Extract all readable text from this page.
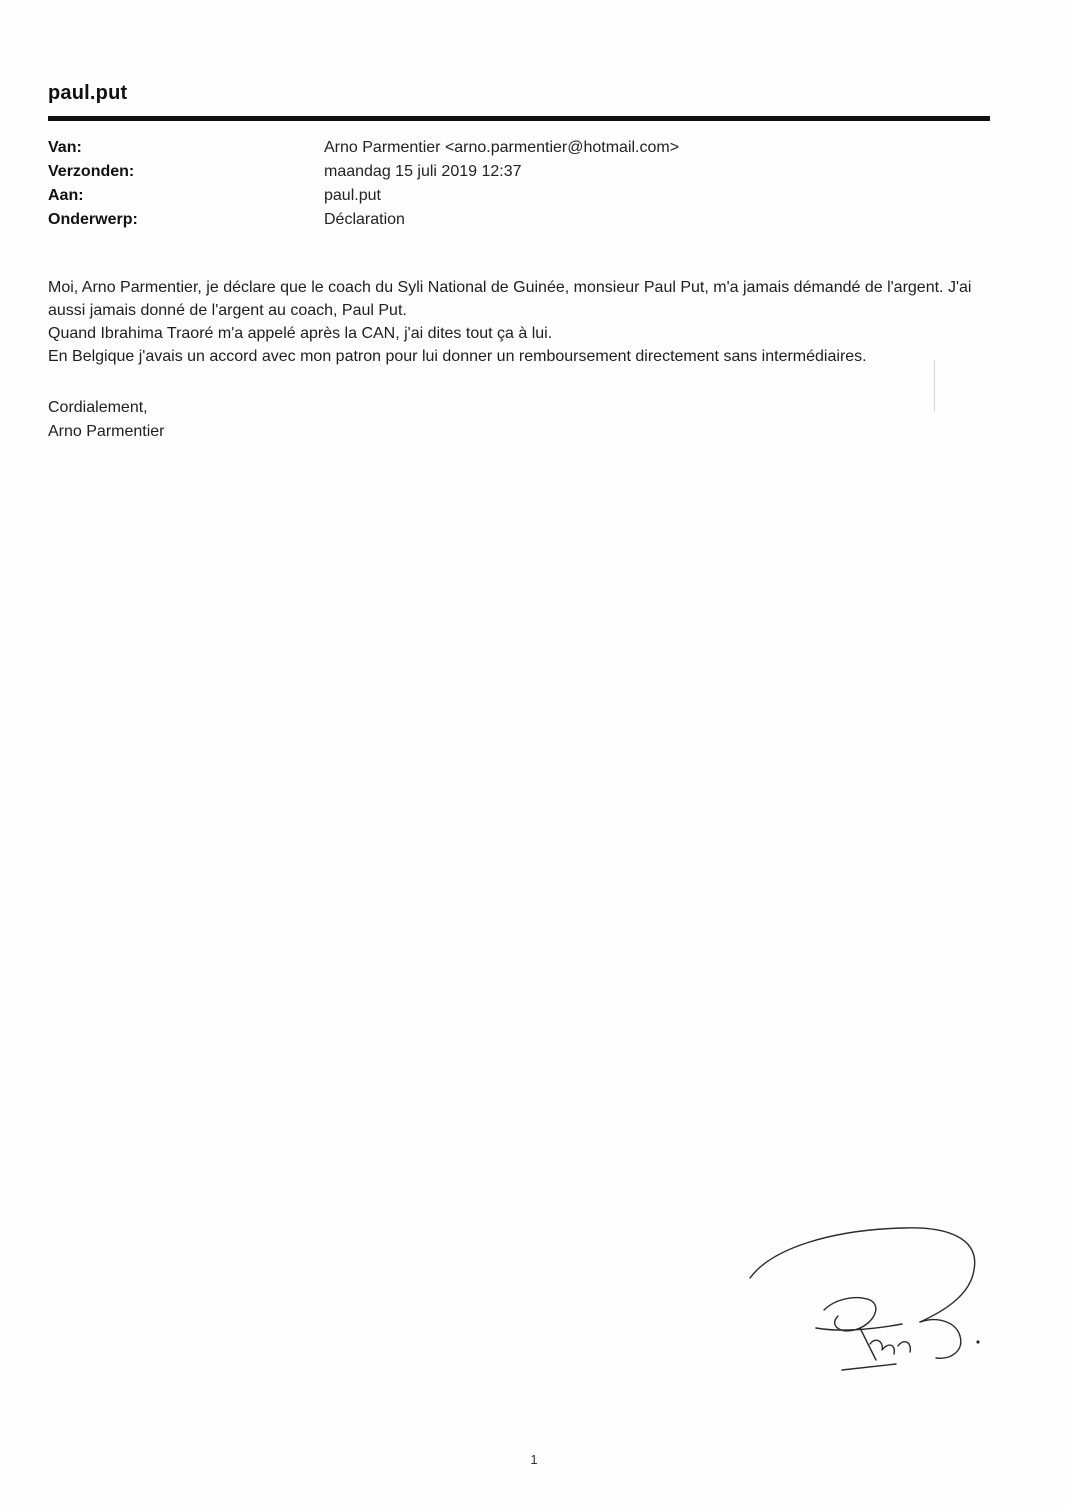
paul.put
Van:	Arno Parmentier <arno.parmentier@hotmail.com>
Verzonden:	maandag 15 juli 2019 12:37
Aan:	paul.put
Onderwerp:	Déclaration

Moi, Arno Parmentier, je déclare que le coach du Syli National de Guinée, monsieur Paul Put, m'a jamais démandé de l'argent. J'ai aussi jamais donné de l'argent au coach, Paul Put.

Quand Ibrahima Traoré m'a appelé après la CAN, j'ai dites tout ça à lui.

En Belgique j'avais un accord avec mon patron pour lui donner un remboursement directement sans intermédiaires.

Cordialement,
Arno Parmentier
1
